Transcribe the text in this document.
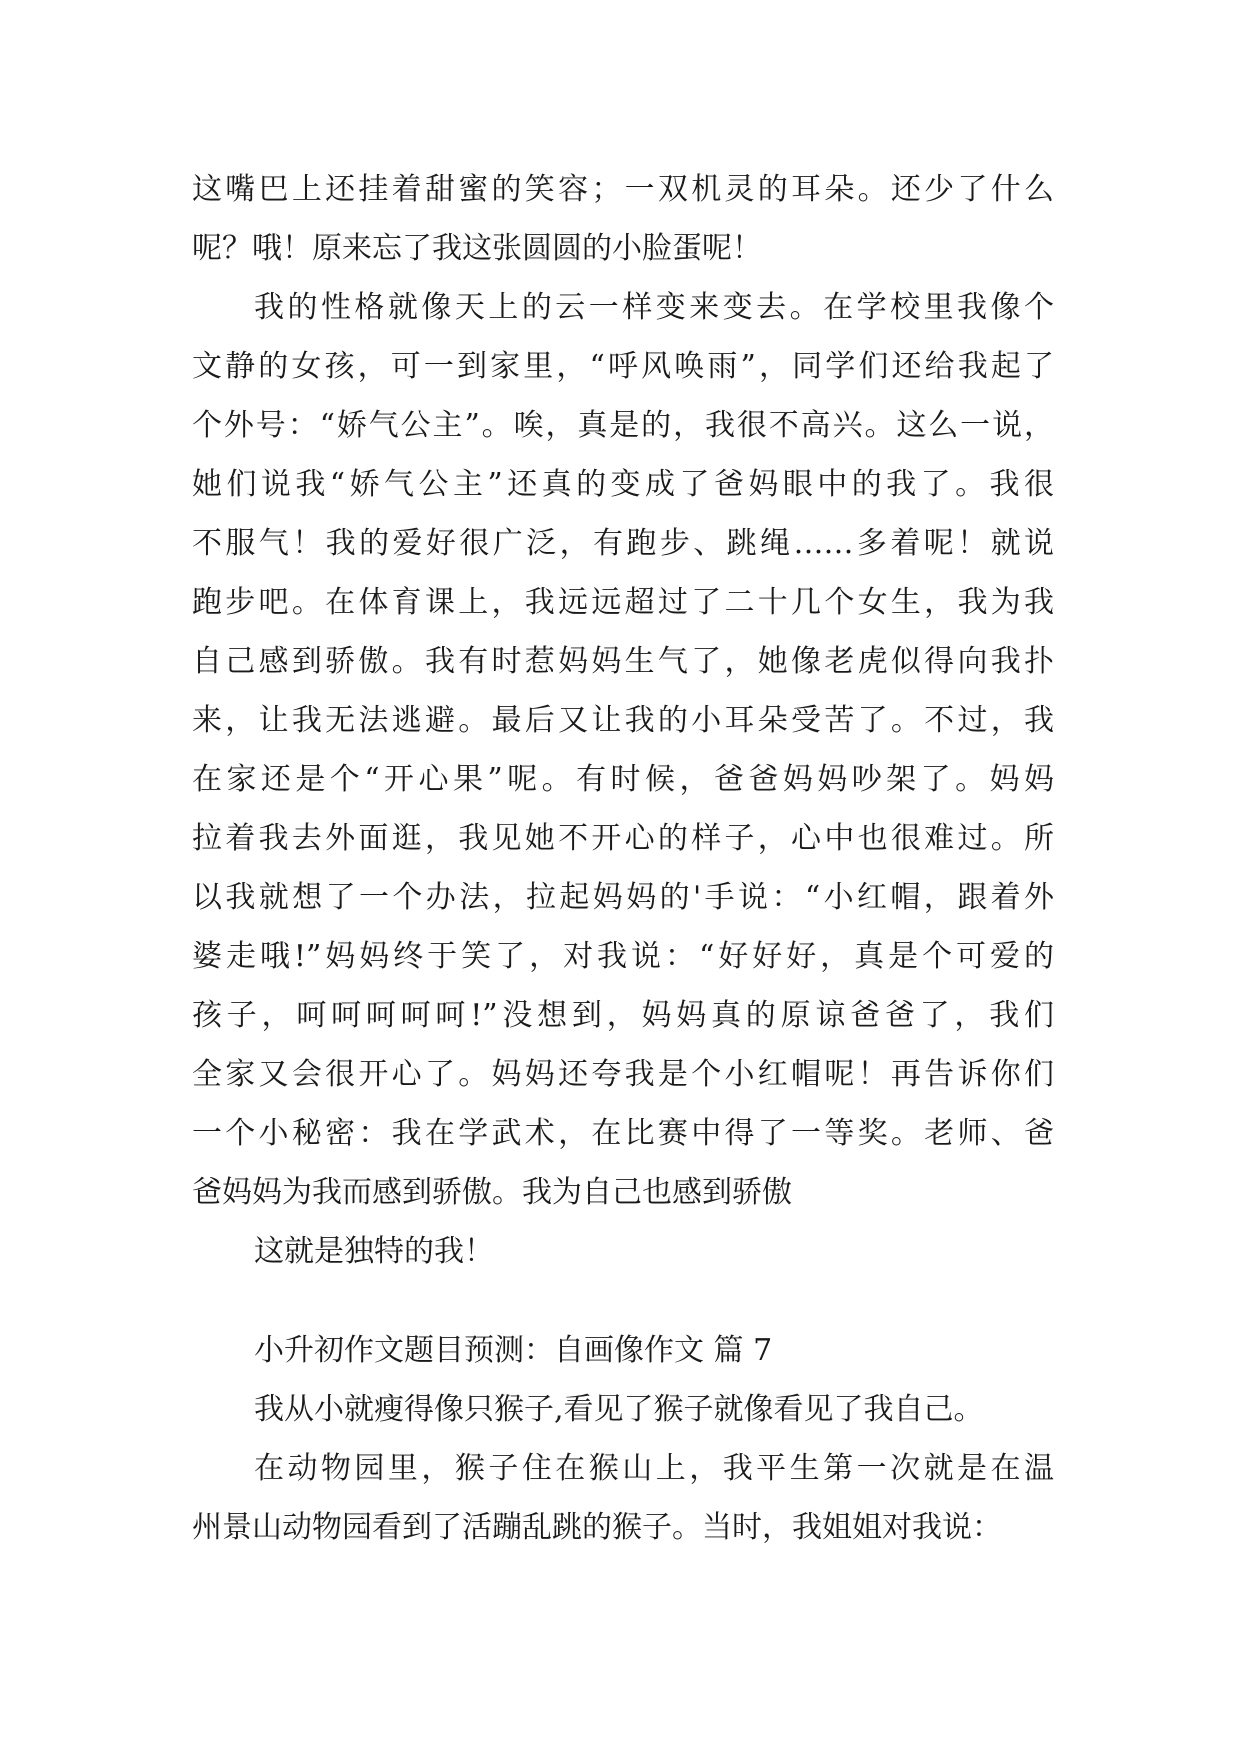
这嘴巴上还挂着甜蜜的笑容；一双机灵的耳朵。还少了什么
呢？哦！原来忘了我这张圆圆的小脸蛋呢！
我的性格就像天上的云一样变来变去。在学校里我像个
文静的女孩，可一到家里，“呼风唤雨”，同学们还给我起了
个外号：“娇气公主”。唉，真是的，我很不高兴。这么一说，
她们说我“娇气公主”还真的变成了爸妈眼中的我了。我很
不服气！我的爱好很广泛，有跑步、跳绳……多着呢！就说
跑步吧。在体育课上，我远远超过了二十几个女生，我为我
自己感到骄傲。我有时惹妈妈生气了，她像老虎似得向我扑
来，让我无法逃避。最后又让我的小耳朵受苦了。不过，我
在家还是个“开心果”呢。有时候，爸爸妈妈吵架了。妈妈
拉着我去外面逛，我见她不开心的样子，心中也很难过。所
以我就想了一个办法，拉起妈妈的'手说：“小红帽，跟着外
婆走哦!”妈妈终于笑了，对我说：“好好好，真是个可爱的
孩子，呵呵呵呵呵!”没想到，妈妈真的原谅爸爸了，我们
全家又会很开心了。妈妈还夸我是个小红帽呢！再告诉你们
一个小秘密：我在学武术，在比赛中得了一等奖。老师、爸
爸妈妈为我而感到骄傲。我为自己也感到骄傲
这就是独特的我！
小升初作文题目预测：自画像作文 篇 7
我从小就瘦得像只猴子,看见了猴子就像看见了我自己。
在动物园里，猴子住在猴山上，我平生第一次就是在温
州景山动物园看到了活蹦乱跳的猴子。当时，我姐姐对我说：
